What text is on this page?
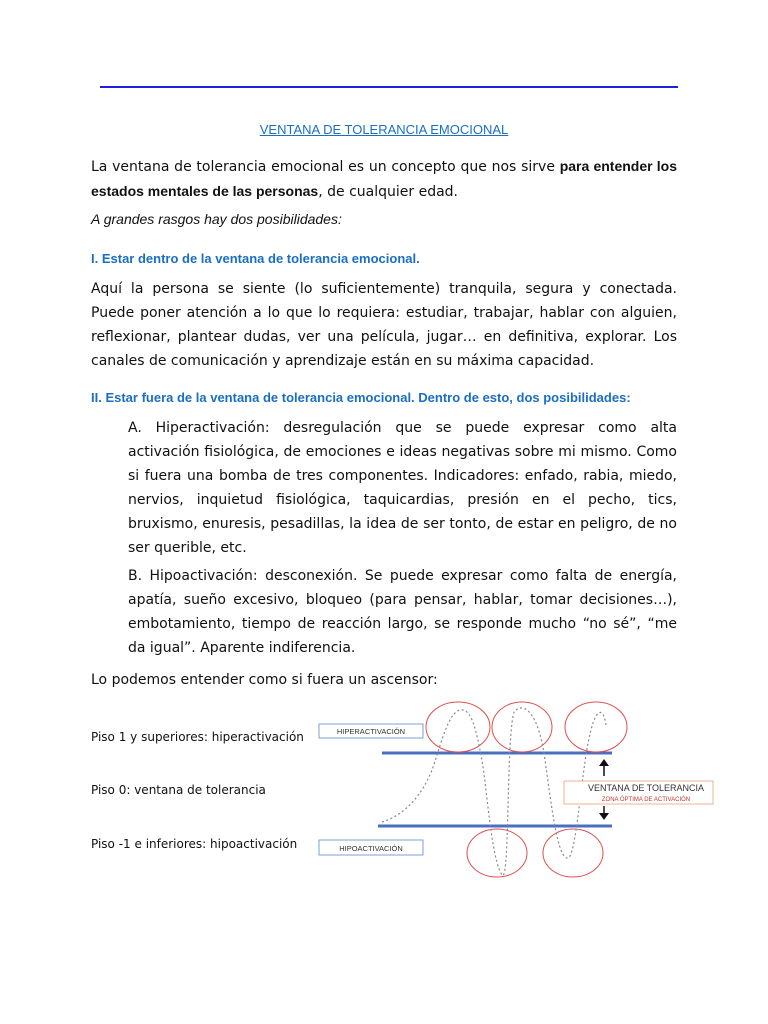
VENTANA DE TOLERANCIA EMOCIONAL
La ventana de tolerancia emocional es un concepto que nos sirve para entender los estados mentales de las personas, de cualquier edad.
A grandes rasgos hay dos posibilidades:
I. Estar dentro de la ventana de tolerancia emocional.
Aquí la persona se siente (lo suficientemente) tranquila, segura y conectada. Puede poner atención a lo que lo requiera: estudiar, trabajar, hablar con alguien, reflexionar, plantear dudas, ver una película, jugar… en definitiva, explorar. Los canales de comunicación y aprendizaje están en su máxima capacidad.
II. Estar fuera de la ventana de tolerancia emocional. Dentro de esto, dos posibilidades:
A. Hiperactivación: desregulación que se puede expresar como alta activación fisiológica, de emociones e ideas negativas sobre mi mismo. Como si fuera una bomba de tres componentes. Indicadores: enfado, rabia, miedo, nervios, inquietud fisiológica, taquicardias, presión en el pecho, tics, bruxismo, enuresis, pesadillas, la idea de ser tonto, de estar en peligro, de no ser querible, etc.
B. Hipoactivación: desconexión. Se puede expresar como falta de energía, apatía, sueño excesivo, bloqueo (para pensar, hablar, tomar decisiones…), embotamiento, tiempo de reacción largo, se responde mucho “no sé”, “me da igual”. Aparente indiferencia.
Lo podemos entender como si fuera un ascensor:
Piso 1 y superiores: hiperactivación
Piso 0: ventana de tolerancia
Piso -1 e inferiores: hipoactivación
HIPERACTIVACIÓN
HIPOACTIVACIÓN
VENTANA DE TOLERANCIA
ZONA ÓPTIMA DE ACTIVACIÓN
